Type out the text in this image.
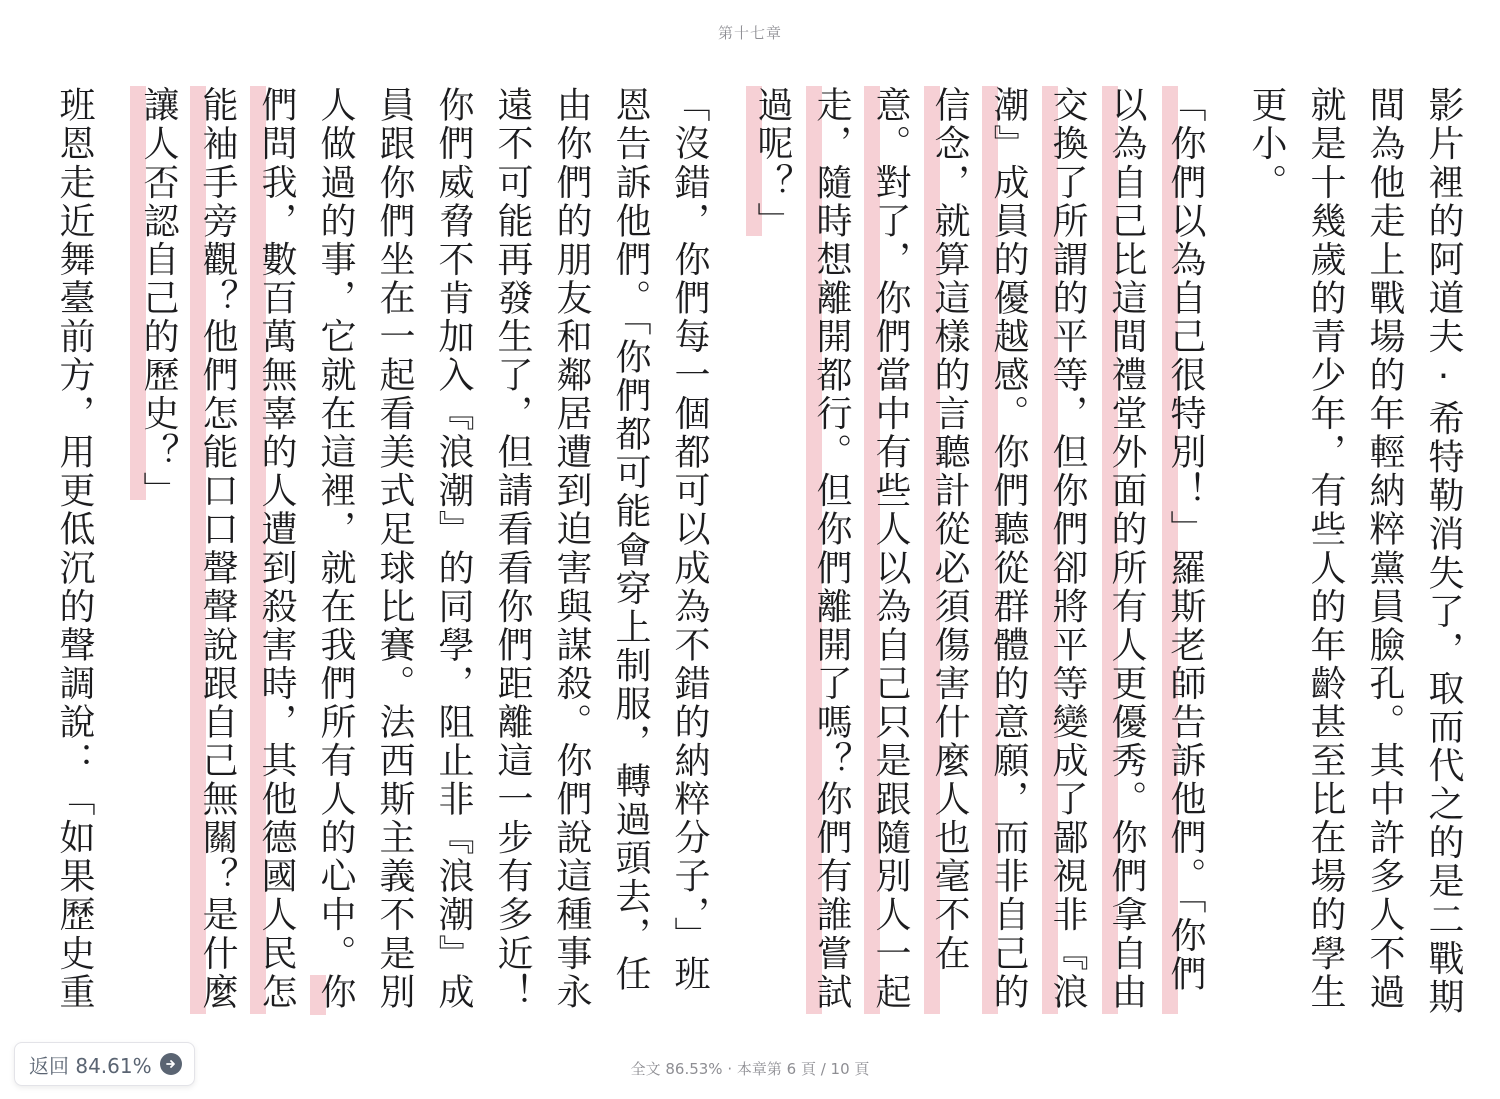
第十七章
影片裡的阿道夫·希特勒消失了，取而代之的是二戰期
間為他走上戰場的年輕納粹黨員臉孔。其中許多人不過
就是十幾歲的青少年，有些人的年齡甚至比在場的學生
更小。
「你們以為自己很特別！」羅斯老師告訴他們。「你們
以為自己比這間禮堂外面的所有人更優秀。你們拿自由
交換了所謂的平等，但你們卻將平等變成了鄙視非『浪
潮』成員的優越感。你們聽從群體的意願，而非自己的
信念，就算這樣的言聽計從必須傷害什麼人也毫不在
意。對了，你們當中有些人以為自己只是跟隨別人一起
走，隨時想離開都行。但你們離開了嗎？你們有誰嘗試
過呢？」
「沒錯，你們每一個都可以成為不錯的納粹分子，」班
恩告訴他們。「你們都可能會穿上制服，轉過頭去，任
由你們的朋友和鄰居遭到迫害與謀殺。你們說這種事永
遠不可能再發生了，但請看看你們距離這一步有多近！
你們威脅不肯加入『浪潮』的同學，阻止非『浪潮』成
員跟你們坐在一起看美式足球比賽。法西斯主義不是別
人做過的事，它就在這裡，就在我們所有人的心中。你
們問我，數百萬無辜的人遭到殺害時，其他德國人民怎
能袖手旁觀？他們怎能口口聲聲說跟自己無關？是什麼
讓人否認自己的歷史？」
班恩走近舞臺前方，用更低沉的聲調說：「如果歷史重
返回 84.61%	全文 86.53% · 本章第 6 頁 / 10 頁
